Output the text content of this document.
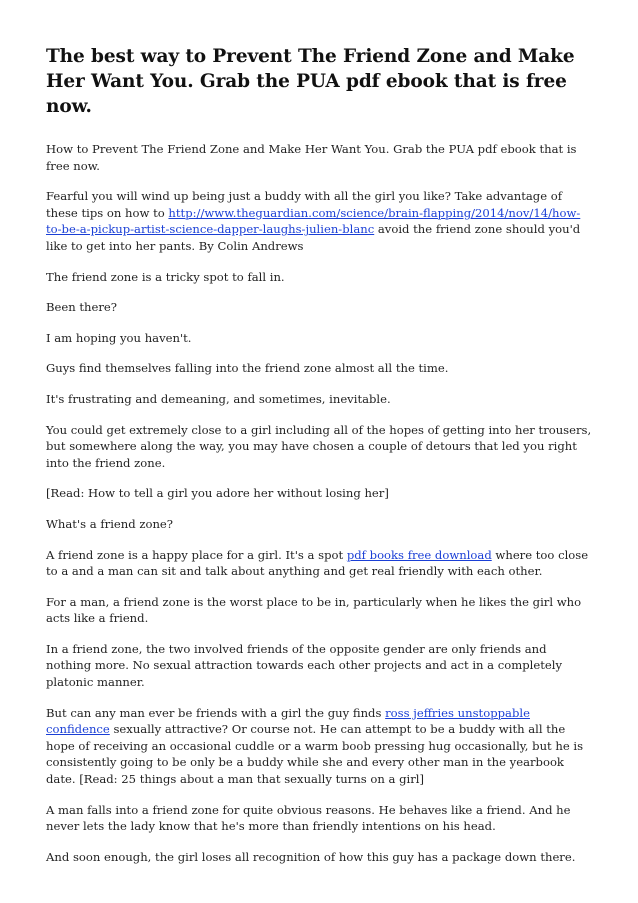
The best way to Prevent The Friend Zone and Make Her Want You. Grab the PUA pdf ebook that is free now.

How to Prevent The Friend Zone and Make Her Want You. Grab the PUA pdf ebook that is free now.

Fearful you will wind up being just a buddy with all the girl you like? Take advantage of these tips on how to http://www.theguardian.com/science/brain-flapping/2014/nov/14/how-to-be-a-pickup-artist-science-dapper-laughs-julien-blanc avoid the friend zone should you'd like to get into her pants. By Colin Andrews

The friend zone is a tricky spot to fall in.

Been there?

I am hoping you haven't.

Guys find themselves falling into the friend zone almost all the time.

It's frustrating and demeaning, and sometimes, inevitable.

You could get extremely close to a girl including all of the hopes of getting into her trousers, but somewhere along the way, you may have chosen a couple of detours that led you right into the friend zone.

[Read: How to tell a girl you adore her without losing her]

What's a friend zone?

A friend zone is a happy place for a girl. It's a spot pdf books free download where too close to a and a man can sit and talk about anything and get real friendly with each other.

For a man, a friend zone is the worst place to be in, particularly when he likes the girl who acts like a friend.

In a friend zone, the two involved friends of the opposite gender are only friends and nothing more. No sexual attraction towards each other projects and act in a completely platonic manner.

But can any man ever be friends with a girl the guy finds ross jeffries unstoppable confidence sexually attractive? Or course not. He can attempt to be a buddy with all the hope of receiving an occasional cuddle or a warm boob pressing hug occasionally, but he is consistently going to be only be a buddy while she and every other man in the yearbook date. [Read: 25 things about a man that sexually turns on a girl]

A man falls into a friend zone for quite obvious reasons. He behaves like a friend. And he never lets the lady know that he's more than friendly intentions on his head.

And soon enough, the girl loses all recognition of how this guy has a package down there.
